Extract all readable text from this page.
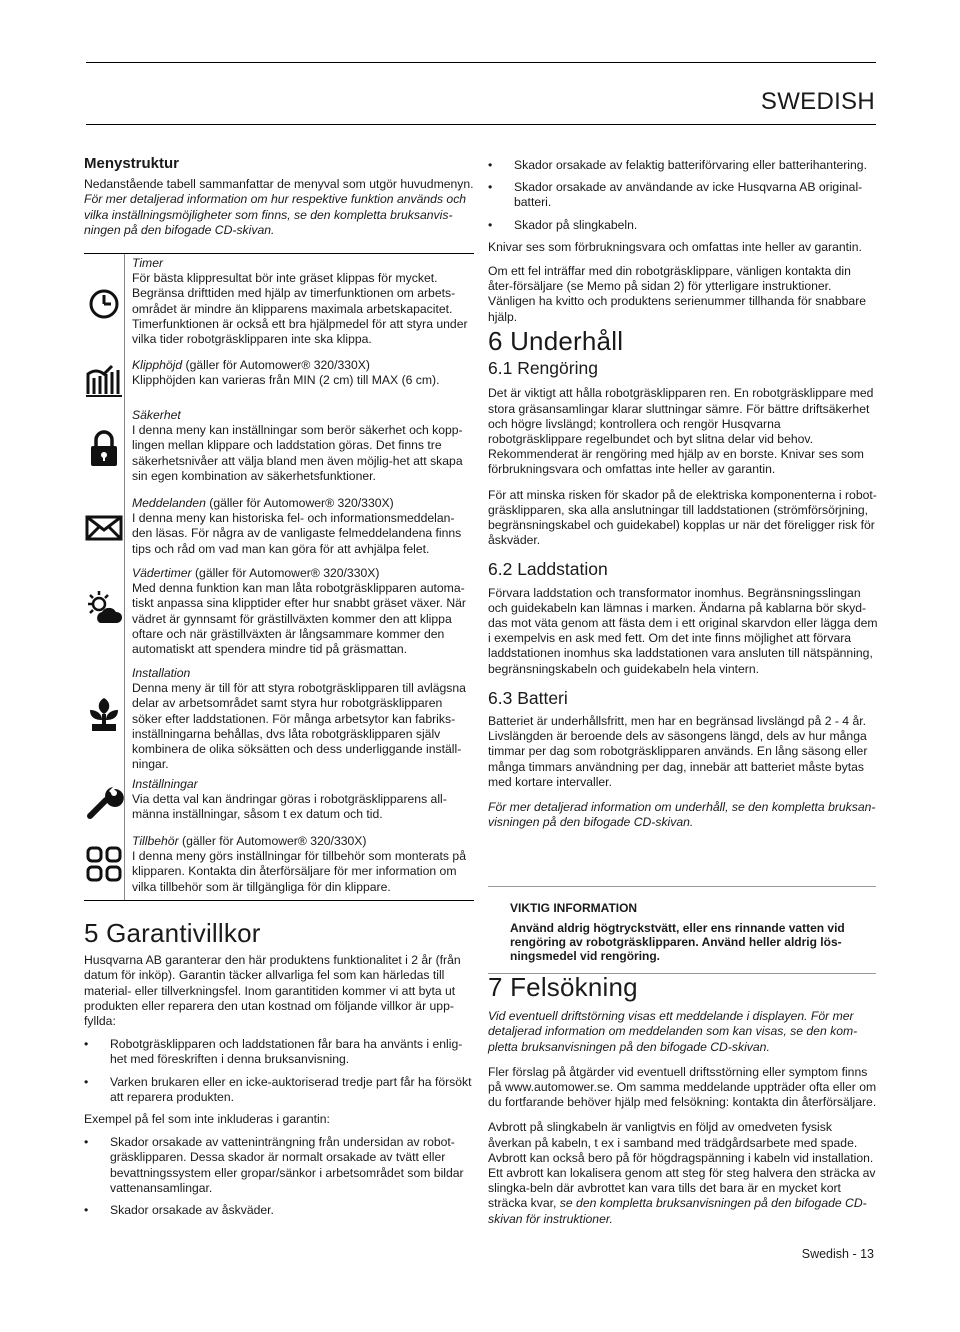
SWEDISH
Menystruktur

Nedanstående tabell sammanfattar de menyval som utgör huvudmenyn.

För mer detaljerad information om hur respektive funktion används och vilka inställningsmöjligheter som finns, se den kompletta bruksanvis-ningen på den bifogade CD-skivan.

Timer
För bästa klippresultat bör inte gräset klippas för mycket. Begränsa drifttiden med hjälp av timerfunktionen om arbets-området är mindre än klipparens maximala arbetskapacitet. Timerfunktionen är också ett bra hjälpmedel för att styra under vilka tider robotgräsklipparen inte ska klippa.
Klipphöjd (gäller för Automower® 320/330X)
Klipphöjden kan varieras från MIN (2 cm) till MAX (6 cm).
Säkerhet
I denna meny kan inställningar som berör säkerhet och kopp-lingen mellan klippare och laddstation göras. Det finns tre säkerhetsnivåer att välja bland men även möjlig-het att skapa sin egen kombination av säkerhetsfunktioner.
Meddelanden (gäller för Automower® 320/330X)
I denna meny kan historiska fel- och informationsmeddelan-den läsas. För några av de vanligaste felmeddelandena finns tips och råd om vad man kan göra för att avhjälpa felet.
Vädertimer (gäller för Automower® 320/330X)
Med denna funktion kan man låta robotgräsklipparen automa-tiskt anpassa sina klipptider efter hur snabbt gräset växer. När vädret är gynnsamt för grästillväxten kommer den att klippa oftare och när grästillväxten är långsammare kommer den automatiskt att spendera mindre tid på gräsmattan.
Installation
Denna meny är till för att styra robotgräsklipparen till avlägsna delar av arbetsområdet samt styra hur robotgräsklipparen söker efter laddstationen. För många arbetsytor kan fabriks-inställningarna behållas, dvs låta robotgräsklipparen själv kombinera de olika söksätten och dess underliggande inställ-ningar.
Inställningar
Via detta val kan ändringar göras i robotgräsklipparens all-männa inställningar, såsom t ex datum och tid.
Tillbehör (gäller för Automower® 320/330X)
I denna meny görs inställningar för tillbehör som monterats på klipparen. Kontakta din återförsäljare för mer information om vilka tillbehör som är tillgängliga för din klippare.
5 Garantivillkor

Husqvarna AB garanterar den här produktens funktionalitet i 2 år (från datum för inköp). Garantin täcker allvarliga fel som kan härledas till material- eller tillverkningsfel. Inom garantitiden kommer vi att byta ut produkten eller reparera den utan kostnad om följande villkor är upp-fyllda:

• Robotgräsklipparen och laddstationen får bara ha använts i enlig-het med föreskriften i denna bruksanvisning.
• Varken brukaren eller en icke-auktoriserad tredje part får ha försökt att reparera produkten.

Exempel på fel som inte inkluderas i garantin:

• Skador orsakade av vatteninträngning från undersidan av robot-gräsklipparen. Dessa skador är normalt orsakade av tvätt eller bevattningssystem eller gropar/sänkor i arbetsområdet som bildar vattenansamlingar.
• Skador orsakade av åskväder.
• Skador orsakade av felaktig batteriförvaring eller batterihantering.
• Skador orsakade av användande av icke Husqvarna AB original-batteri.
• Skador på slingkabeln.

Knivar ses som förbrukningsvara och omfattas inte heller av garantin.

Om ett fel inträffar med din robotgräsklippare, vänligen kontakta din åter-försäljare (se Memo på sidan 2) för ytterligare instruktioner. Vänligen ha kvitto och produktens serienummer tillhanda för snabbare hjälp.

6 Underhåll
6.1 Rengöring

Det är viktigt att hålla robotgräsklipparen ren. En robotgräsklippare med stora gräsansamlingar klarar sluttningar sämre. För bättre driftsäkerhet och högre livslängd; kontrollera och rengör Husqvarna robotgräsklippare regelbundet och byt slitna delar vid behov. Rekommenderat är rengöring med hjälp av en borste. Knivar ses som förbrukningsvara och omfattas inte heller av garantin.

För att minska risken för skador på de elektriska komponenterna i robot-gräsklipparen, ska alla anslutningar till laddstationen (strömförsörjning, begränsningskabel och guidekabel) kopplas ur när det föreligger risk för åskväder.

6.2 Laddstation

Förvara laddstation och transformator inomhus. Begränsningsslingan och guidekabeln kan lämnas i marken. Ändarna på kablarna bör skyd-das mot väta genom att fästa dem i ett original skarvdon eller lägga dem i exempelvis en ask med fett. Om det inte finns möjlighet att förvara laddstationen inomhus ska laddstationen vara ansluten till nätspänning, begränsningskabeln och guidekabeln hela vintern.

6.3 Batteri

Batteriet är underhållsfritt, men har en begränsad livslängd på 2 - 4 år. Livslängden är beroende dels av säsongens längd, dels av hur många timmar per dag som robotgräsklipparen används. En lång säsong eller många timmars användning per dag, innebär att batteriet måste bytas med kortare intervaller.

För mer detaljerad information om underhåll, se den kompletta bruksan-visningen på den bifogade CD-skivan.

VIKTIG INFORMATION
Använd aldrig högtryckstvätt, eller ens rinnande vatten vid rengöring av robotgräsklipparen. Använd heller aldrig lös-ningsmedel vid rengöring.
7 Felsökning

Vid eventuell driftstörning visas ett meddelande i displayen. För mer detaljerad information om meddelanden som kan visas, se den kom-pletta bruksanvisningen på den bifogade CD-skivan.

Fler förslag på åtgärder vid eventuell driftsstörning eller symptom finns på www.automower.se. Om samma meddelande uppträder ofta eller om du fortfarande behöver hjälp med felsökning: kontakta din återförsäljare.

Avbrott på slingkabeln är vanligtvis en följd av omedveten fysisk åverkan på kabeln, t ex i samband med trädgårdsarbete med spade. Avbrott kan också bero på för högdragspänning i kabeln vid installation. Ett avbrott kan lokalisera genom att steg för steg halvera den sträcka av slingka-beln där avbrottet kan vara tills det bara är en mycket kort sträcka kvar, se den kompletta bruksanvisningen på den bifogade CD-skivan för instruktioner.

Swedish - 13
